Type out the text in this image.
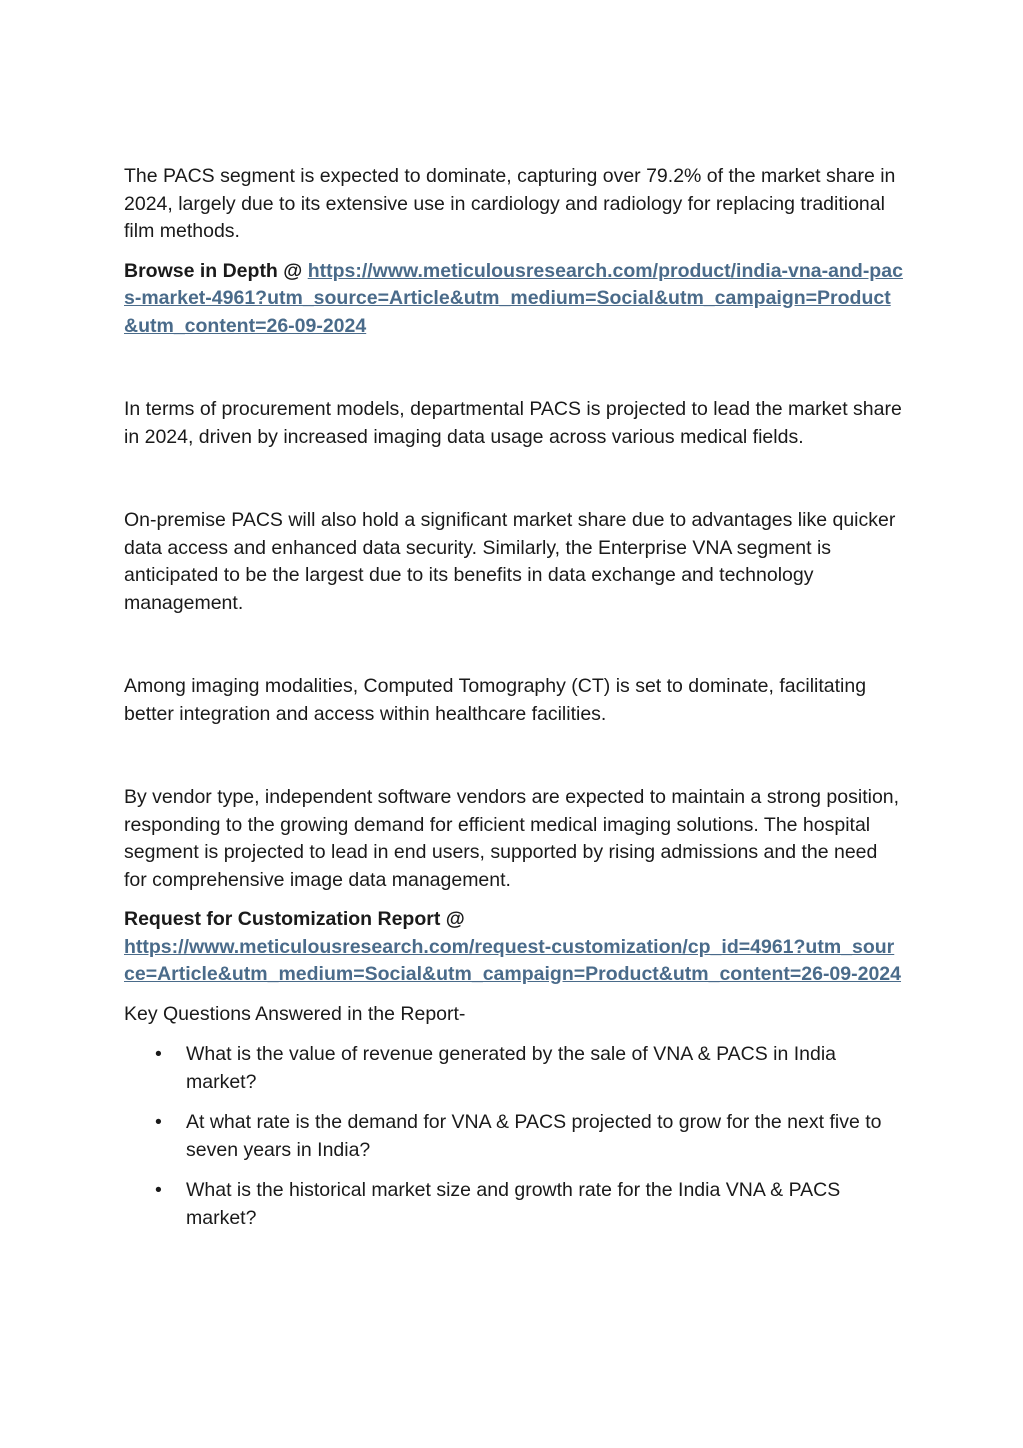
The PACS segment is expected to dominate, capturing over 79.2% of the market share in 2024, largely due to its extensive use in cardiology and radiology for replacing traditional film methods.

Browse in Depth @ https://www.meticulousresearch.com/product/india-vna-and-pacs-market-4961?utm_source=Article&utm_medium=Social&utm_campaign=Product&utm_content=26-09-2024

In terms of procurement models, departmental PACS is projected to lead the market share in 2024, driven by increased imaging data usage across various medical fields.

On-premise PACS will also hold a significant market share due to advantages like quicker data access and enhanced data security. Similarly, the Enterprise VNA segment is anticipated to be the largest due to its benefits in data exchange and technology management.

Among imaging modalities, Computed Tomography (CT) is set to dominate, facilitating better integration and access within healthcare facilities.

By vendor type, independent software vendors are expected to maintain a strong position, responding to the growing demand for efficient medical imaging solutions. The hospital segment is projected to lead in end users, supported by rising admissions and the need for comprehensive image data management.

Request for Customization Report @
https://www.meticulousresearch.com/request-customization/cp_id=4961?utm_source=Article&utm_medium=Social&utm_campaign=Product&utm_content=26-09-2024

Key Questions Answered in the Report-

• What is the value of revenue generated by the sale of VNA & PACS in India market?
• At what rate is the demand for VNA & PACS projected to grow for the next five to seven years in India?
• What is the historical market size and growth rate for the India VNA & PACS market?
